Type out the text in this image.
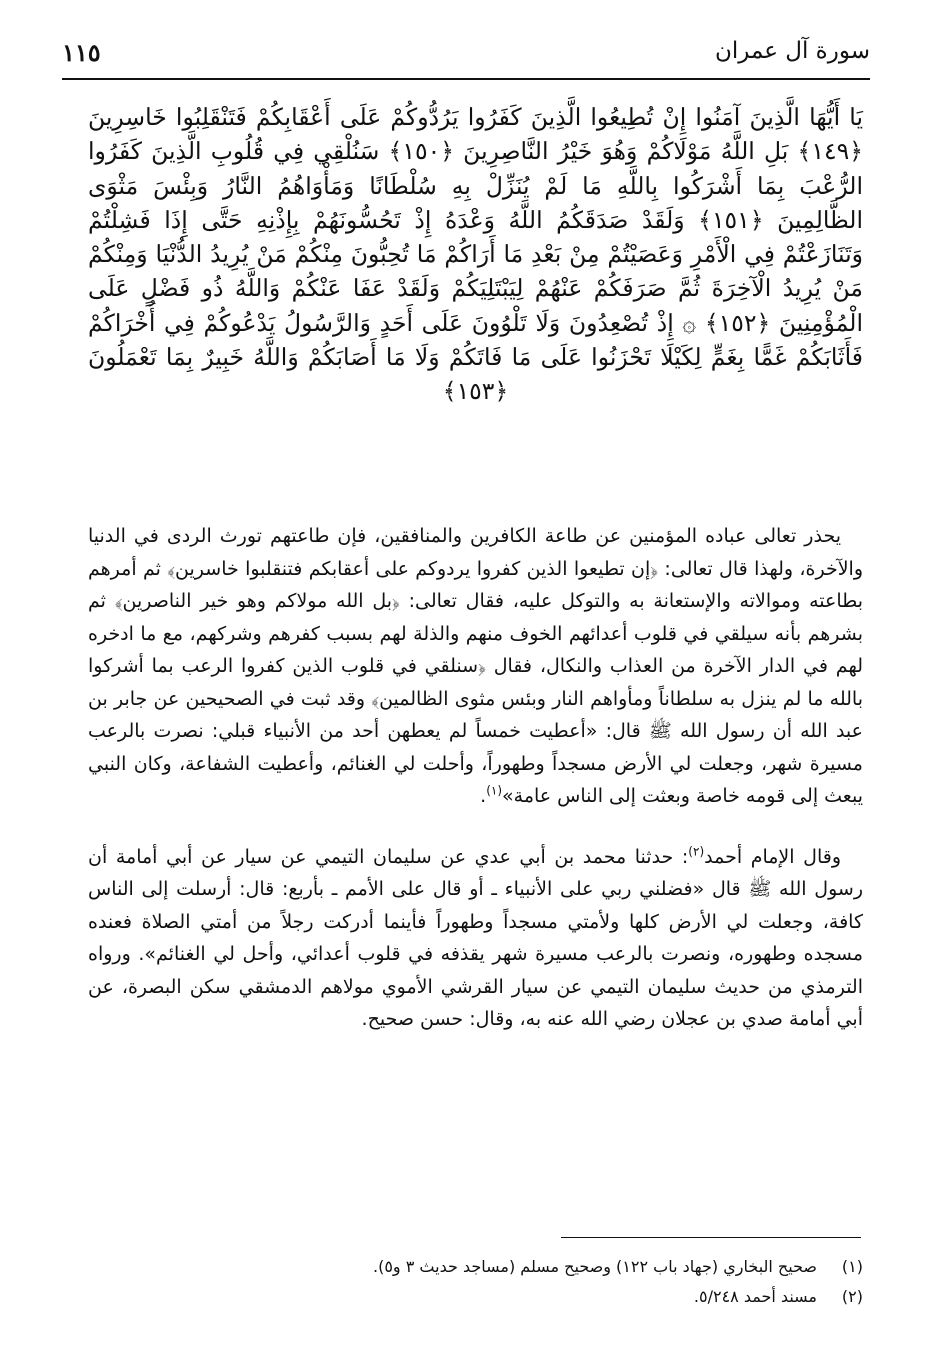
سورة آل عمران
١١٥
يَا أَيُّهَا الَّذِينَ آمَنُوا إِنْ تُطِيعُوا الَّذِينَ كَفَرُوا يَرُدُّوكُمْ عَلَى أَعْقَابِكُمْ فَتَنْقَلِبُوا خَاسِرِينَ ﴿١٤٩﴾ بَلِ اللَّهُ مَوْلَاكُمْ وَهُوَ خَيْرُ النَّاصِرِينَ ﴿١٥٠﴾ سَنُلْقِي فِي قُلُوبِ الَّذِينَ كَفَرُوا الرُّعْبَ بِمَا أَشْرَكُوا بِاللَّهِ مَا لَمْ يُنَزِّلْ بِهِ سُلْطَانًا وَمَأْوَاهُمُ النَّارُ وَبِئْسَ مَثْوَى الظَّالِمِينَ ﴿١٥١﴾ وَلَقَدْ صَدَقَكُمُ اللَّهُ وَعْدَهُ إِذْ تَحُسُّونَهُمْ بِإِذْنِهِ حَتَّى إِذَا فَشِلْتُمْ وَتَنَازَعْتُمْ فِي الْأَمْرِ وَعَصَيْتُمْ مِنْ بَعْدِ مَا أَرَاكُمْ مَا تُحِبُّونَ مِنْكُمْ مَنْ يُرِيدُ الدُّنْيَا وَمِنْكُمْ مَنْ يُرِيدُ الْآخِرَةَ ثُمَّ صَرَفَكُمْ عَنْهُمْ لِيَبْتَلِيَكُمْ وَلَقَدْ عَفَا عَنْكُمْ وَاللَّهُ ذُو فَضْلٍ عَلَى الْمُؤْمِنِينَ ﴿١٥٢﴾ ۞ إِذْ تُصْعِدُونَ وَلَا تَلْوُونَ عَلَى أَحَدٍ وَالرَّسُولُ يَدْعُوكُمْ فِي أُخْرَاكُمْ فَأَثَابَكُمْ غَمًّا بِغَمٍّ لِكَيْلَا تَحْزَنُوا عَلَى مَا فَاتَكُمْ وَلَا مَا أَصَابَكُمْ وَاللَّهُ خَبِيرٌ بِمَا تَعْمَلُونَ ﴿١٥٣﴾

يحذر تعالى عباده المؤمنين عن طاعة الكافرين والمنافقين، فإن طاعتهم تورث الردى في الدنيا والآخرة، ولهذا قال تعالى: ﴿إن تطيعوا الذين كفروا يردوكم على أعقابكم فتنقلبوا خاسرين﴾ ثم أمرهم بطاعته وموالاته والإستعانة به والتوكل عليه، فقال تعالى: ﴿بل الله مولاكم وهو خير الناصرين﴾ ثم بشرهم بأنه سيلقي في قلوب أعدائهم الخوف منهم والذلة لهم بسبب كفرهم وشركهم، مع ما ادخره لهم في الدار الآخرة من العذاب والنكال، فقال ﴿سنلقي في قلوب الذين كفروا الرعب بما أشركوا بالله ما لم ينزل به سلطاناً ومأواهم النار وبئس مثوى الظالمين﴾ وقد ثبت في الصحيحين عن جابر بن عبد الله أن رسول الله ﷺ قال: «أعطيت خمساً لم يعطهن أحد من الأنبياء قبلي: نصرت بالرعب مسيرة شهر، وجعلت لي الأرض مسجداً وطهوراً، وأحلت لي الغنائم، وأعطيت الشفاعة، وكان النبي يبعث إلى قومه خاصة وبعثت إلى الناس عامة»$^{(١)}$.

وقال الإمام أحمد$^{(٢)}$: حدثنا محمد بن أبي عدي عن سليمان التيمي عن سيار عن أبي أمامة أن رسول الله ﷺ قال «فضلني ربي على الأنبياء ـ أو قال على الأمم ـ بأربع: قال: أرسلت إلى الناس كافة، وجعلت لي الأرض كلها ولأمتي مسجداً وطهوراً فأينما أدركت رجلاً من أمتي الصلاة فعنده مسجده وطهوره، ونصرت بالرعب مسيرة شهر يقذفه في قلوب أعدائي، وأحل لي الغنائم». ورواه الترمذي من حديث سليمان التيمي عن سيار القرشي الأموي مولاهم الدمشقي سكن البصرة، عن أبي أمامة صدي بن عجلان رضي الله عنه به، وقال: حسن صحيح.

(١)
صحيح البخاري (جهاد باب ١٢٢) وصحيح مسلم (مساجد حديث ٣ و٥).
(٢)
مسند أحمد ٥/٢٤٨.
